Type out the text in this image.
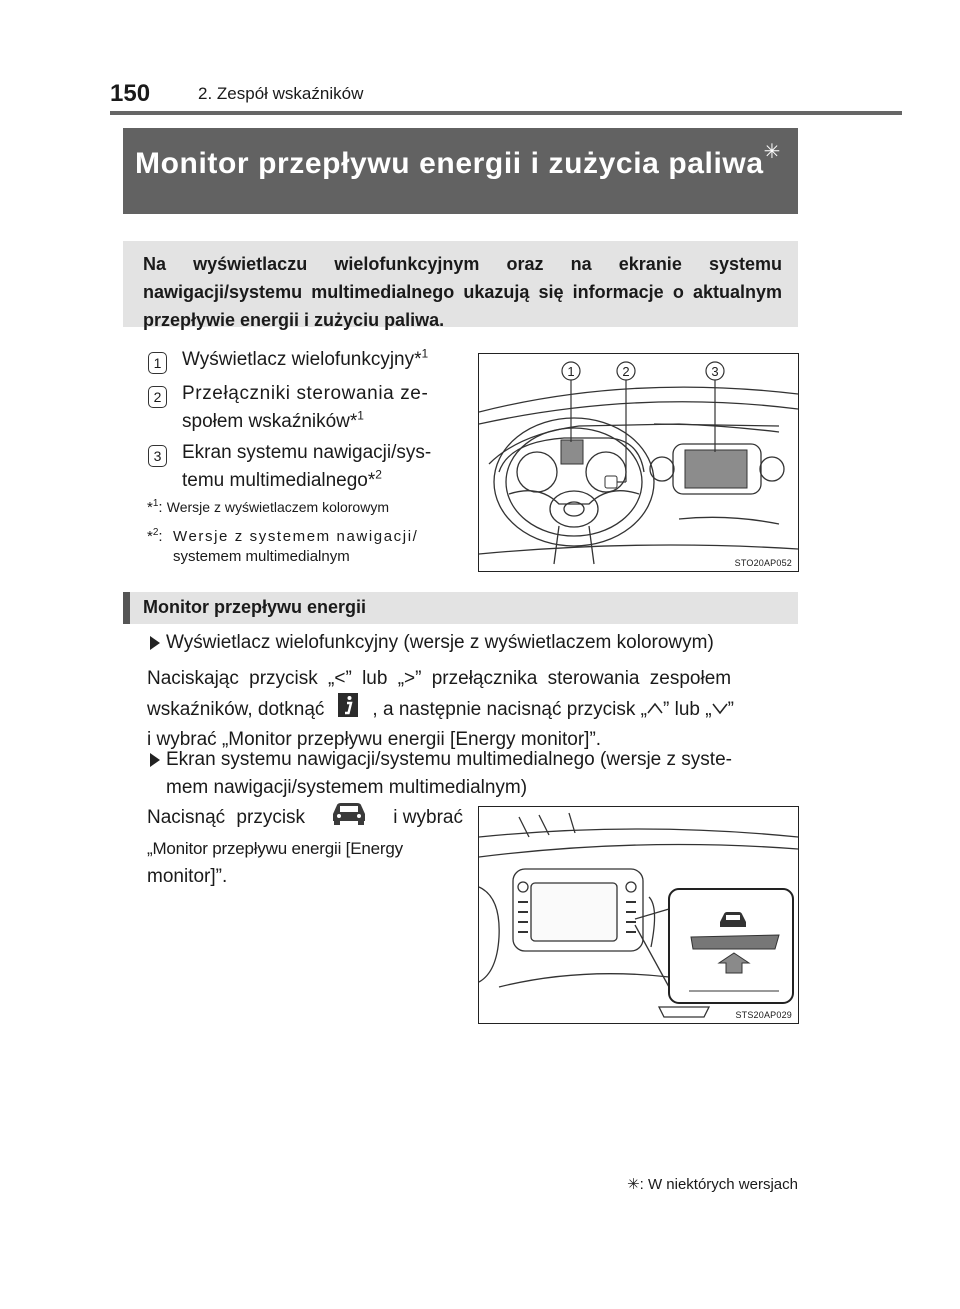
150	2. Zespół wskaźników
Monitor przepływu energii i zużycia paliwa✳
Na wyświetlaczu wielofunkcyjnym oraz na ekranie systemu nawigacji/systemu multimedialnego ukazują się informacje o aktualnym przepływie energii i zużyciu paliwa.
1 Wyświetlacz wielofunkcyjny*$^1$
2 Przełączniki sterowania ze-
społem wskaźników*$^1$
3 Ekran systemu nawigacji/sys-
temu multimedialnego*$^2$
*$^1$: Wersje z wyświetlaczem kolorowym
*$^2$: Wersje z systemem nawigacji/
systemem multimedialnym
1	2	3
STO20AP052
Monitor przepływu energii
Wyświetlacz wielofunkcyjny (wersje z wyświetlaczem kolorowym)
Naciskając przycisk „<” lub „>” przełącznika sterowania zespołem
wskaźników, dotknąć	, a następnie nacisnąć przycisk „ ” lub „ ”
i wybrać „Monitor przepływu energii [Energy monitor]”.
Ekran systemu nawigacji/systemu multimedialnego (wersje z syste-
mem nawigacji/systemem multimedialnym)
Nacisnąć przycisk	i wybrać
„Monitor przepływu energii [Energy
monitor]”.
STS20AP029
✳: W niektórych wersjach
